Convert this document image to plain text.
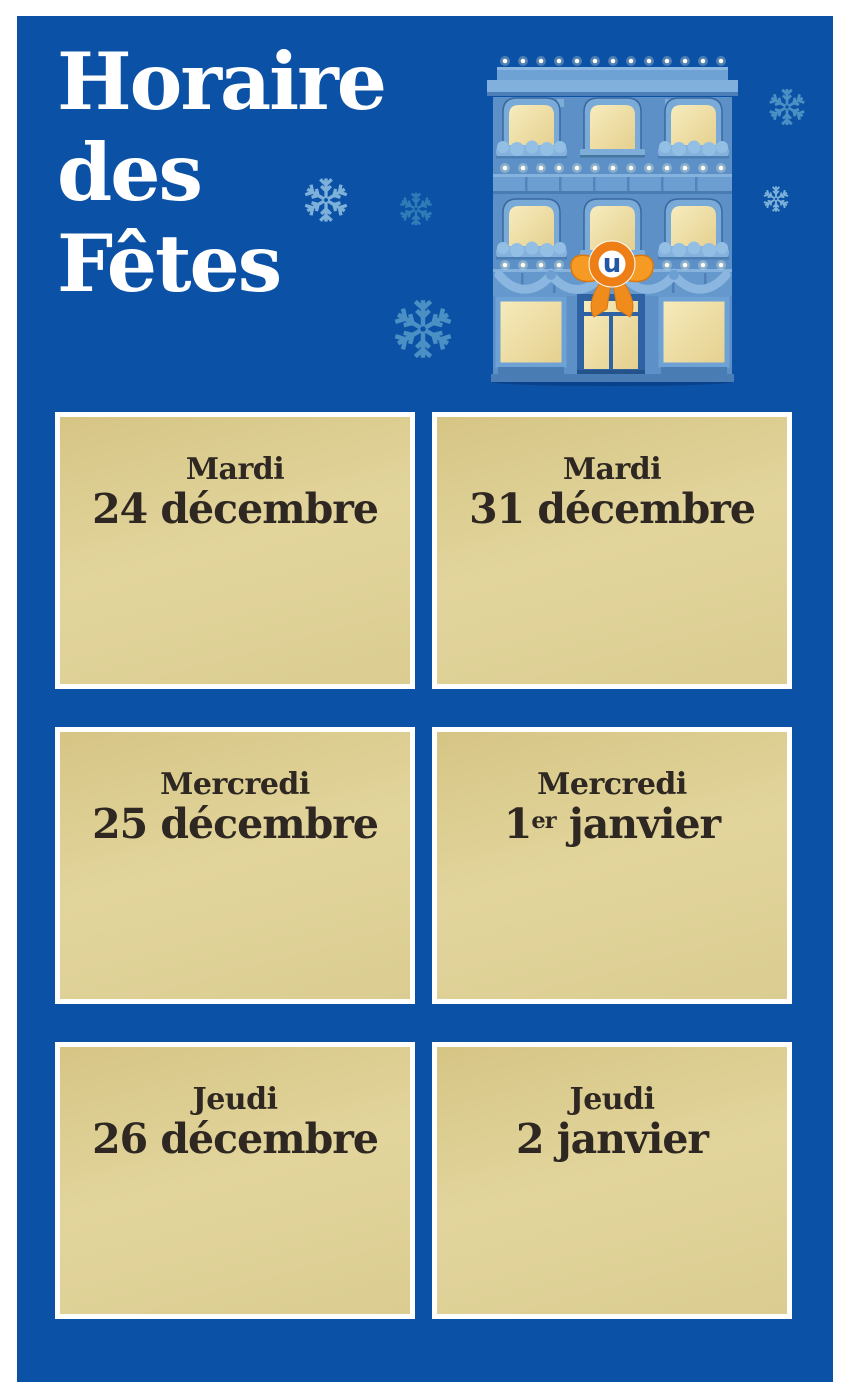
Horaire
des
Fêtes	u
Mardi
24 décembre
Mardi
31 décembre
Mercredi
25 décembre
Mercredi
1er janvier
Jeudi
26 décembre
Jeudi
2 janvier
